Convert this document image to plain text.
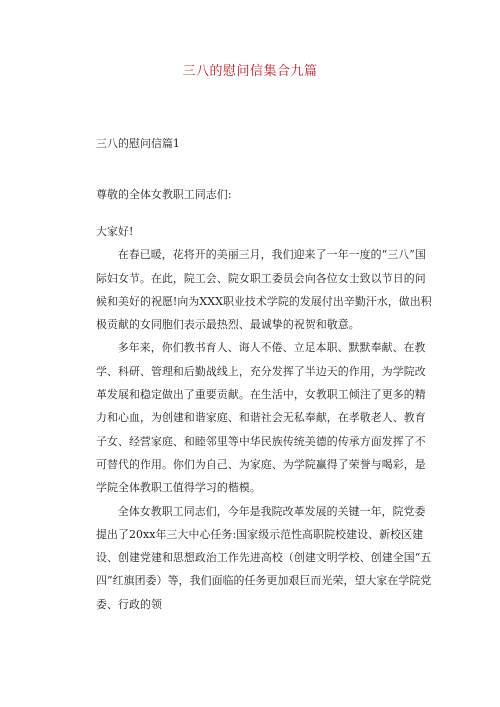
三八的慰问信集合九篇
三八的慰问信篇1
尊敬的全体女教职工同志们:

大家好!

在春已暖，花将开的美丽三月，我们迎来了一年一度的“三八”国际妇女节。在此，院工会、院女职工委员会向各位女士致以节日的问候和美好的祝愿!向为XXX职业技术学院的发展付出辛勤汗水，做出积极贡献的女同胞们表示最热烈、最诚挚的祝贺和敬意。

多年来，你们教书育人、诲人不倦、立足本职、默默奉献、在教学、科研、管理和后勤战线上，充分发挥了半边天的作用，为学院改革发展和稳定做出了重要贡献。在生活中，女教职工倾注了更多的精力和心血，为创建和谐家庭、和谐社会无私奉献，在孝敬老人、教育子女、经营家庭、和睦邻里等中华民族传统美德的传承方面发挥了不可替代的作用。你们为自己、为家庭、为学院赢得了荣誉与喝彩，是学院全体教职工值得学习的楷模。

全体女教职工同志们，今年是我院改革发展的关键一年，院党委提出了20xx年三大中心任务:国家级示范性高职院校建设、新校区建设、创建党建和思想政治工作先进高校（创建文明学校、创建全国“五四”红旗团委）等，我们面临的任务更加艰巨而光荣，望大家在学院党委、行政的领
